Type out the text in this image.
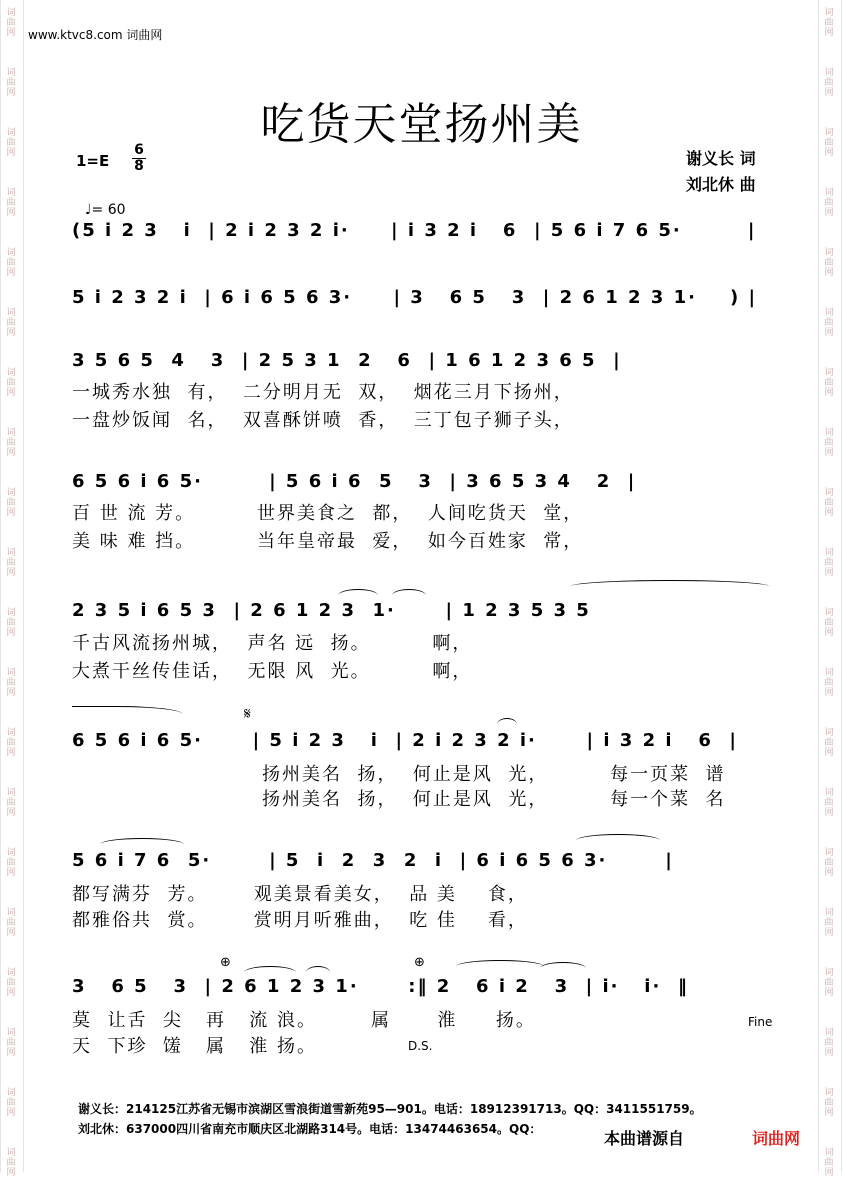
词曲网
词曲网
词曲网
词曲网
词曲网
词曲网
词曲网
词曲网
词曲网
词曲网
词曲网
词曲网
词曲网
词曲网
词曲网
词曲网
词曲网
词曲网
词曲网
词曲网
词曲网
词曲网
词曲网
词曲网
词曲网
词曲网
词曲网
词曲网
词曲网
词曲网
词曲网
词曲网
词曲网
词曲网
词曲网
词曲网
词曲网
词曲网
词曲网
词曲网
www.ktvc8.com 词曲网
吃货天堂扬州美
$1=E \frac{6}{8}$

♩= 60

谢义长 词
刘北休 曲
(5 i 2 3   i  | 2 i 2 3 2 i·     | i 3 2 i   6  | 5 6 i 7 6 5·        |
5 i 2 3 2 i  | 6 i 6 5 6 3·     | 3   6 5   3  | 2 6 1 2 3 1·    ) |
3 5 6 5  4   3  | 2 5 3 1  2   6  | 1 6 1 2 3 6 5  |
一城秀水独  有，  二分明月无  双，  烟花三月下扬州，
一盘炒饭闻  名，  双喜酥饼喷  香，  三丁包子狮子头，
6 5 6 i 6 5·        | 5 6 i 6  5   3  | 3 6 5 3 4   2  |
百 世 流 芳。        世界美食之  都，  人间吃货天  堂，
美 味 难 挡。        当年皇帝最  爱，  如今百姓家  常，
2 3 5 i 6 5 3  | 2 6 1 2 3  1·      | 1 2 3 5 3 5
千古风流扬州城，  声名 远  扬。        啊，
大煮干丝传佳话，  无限 风  光。        啊，
𝄋
6 5 6 i 6 5·      | 5 i 2 3   i  | 2 i 2 3 2 i·      | i 3 2 i   6  |
扬州美名  扬，  何止是风  光，        每一页菜  谱
扬州美名  扬，  何止是风  光，        每一个菜  名
5 6 i 7 6  5·       | 5  i  2  3  2  i  | 6 i 6 5 6 3·       |
都写满芬  芳。      观美景看美女，  品 美    食，
都雅俗共  赏。      赏明月听雅曲，  吃 佳    看，
⊕	⊕
3   6 5   3  | 2 6 1 2 3 1·      :‖ 2   6 i 2   3  | i·   i·  ‖
莫  让舌  尖   再   流 浪。       属      淮     扬。
天  下珍  馐   属   淮 扬。
Fine
D.S.
谢义长：214125江苏省无锡市滨湖区雪浪街道雪新苑95—901。电话：18912391713。QQ：3411551759。
刘北休：637000四川省南充市顺庆区北湖路314号。电话：13474463654。QQ：	本曲谱源自	词曲网
